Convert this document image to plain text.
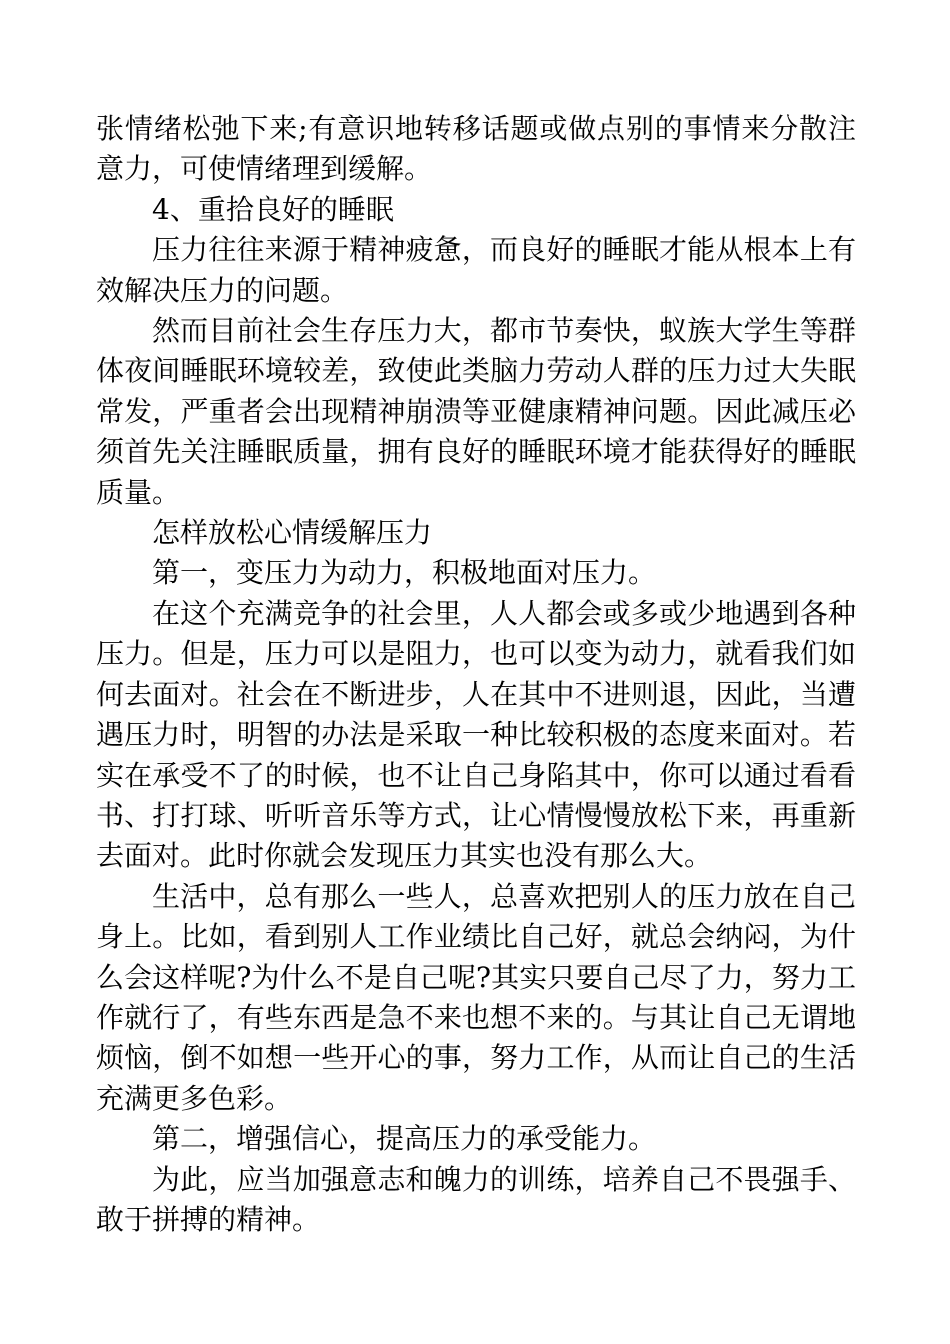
张情绪松弛下来;有意识地转移话题或做点别的事情来分散注意力，可使情绪理到缓解。

4、重拾良好的睡眠

压力往往来源于精神疲惫，而良好的睡眠才能从根本上有效解决压力的问题。

然而目前社会生存压力大，都市节奏快，蚁族大学生等群体夜间睡眠环境较差，致使此类脑力劳动人群的压力过大失眠常发，严重者会出现精神崩溃等亚健康精神问题。因此减压必须首先关注睡眠质量，拥有良好的睡眠环境才能获得好的睡眠质量。

怎样放松心情缓解压力

第一，变压力为动力，积极地面对压力。

在这个充满竞争的社会里，人人都会或多或少地遇到各种压力。但是，压力可以是阻力，也可以变为动力，就看我们如何去面对。社会在不断进步，人在其中不进则退，因此，当遭遇压力时，明智的办法是采取一种比较积极的态度来面对。若实在承受不了的时候，也不让自己身陷其中，你可以通过看看书、打打球、听听音乐等方式，让心情慢慢放松下来，再重新去面对。此时你就会发现压力其实也没有那么大。

生活中，总有那么一些人，总喜欢把别人的压力放在自己身上。比如，看到别人工作业绩比自己好，就总会纳闷，为什么会这样呢?为什么不是自己呢?其实只要自己尽了力，努力工作就行了，有些东西是急不来也想不来的。与其让自己无谓地烦恼，倒不如想一些开心的事，努力工作，从而让自己的生活充满更多色彩。

第二，增强信心，提高压力的承受能力。

为此，应当加强意志和魄力的训练，培养自己不畏强手、敢于拼搏的精神。
